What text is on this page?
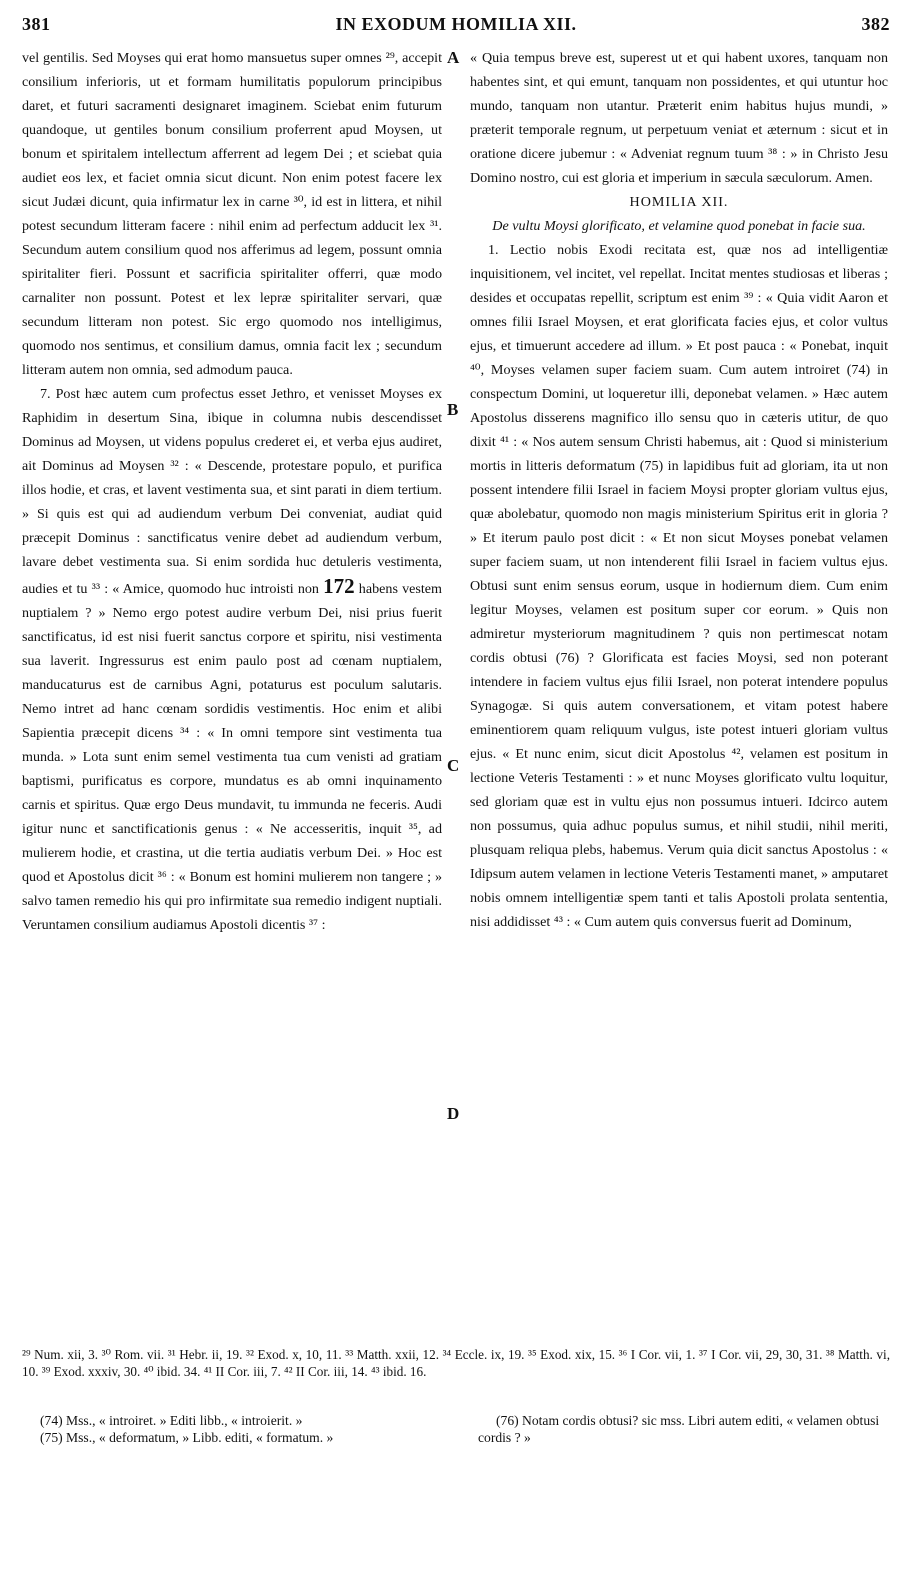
381	IN EXODUM HOMILIA XII.	382

vel gentilis. Sed Moyses qui erat homo mansuetus super omnes ²⁹, accepit consilium inferioris, ut et formam humilitatis populorum principibus daret, et futuri sacramenti designaret imaginem. Sciebat enim futurum quandoque, ut gentiles bonum consilium proferrent apud Moysen, ut bonum et spiritalem intellectum afferrent ad legem Dei ; et sciebat quia audiet eos lex, et faciet omnia sicut dicunt. Non enim potest facere lex sicut Judæi dicunt, quia infirmatur lex in carne ³⁰, id est in littera, et nihil potest secundum litteram facere : nihil enim ad perfectum adducit lex ³¹. Secundum autem consilium quod nos afferimus ad legem, possunt omnia spiritaliter fieri. Possunt et sacrificia spiritaliter offerri, quæ modo carnaliter non possunt. Potest et lex lepræ spiritaliter servari, quæ secundum litteram non potest. Sic ergo quomodo nos intelligimus, quomodo nos sentimus, et consilium damus, omnia facit lex ; secundum litteram autem non omnia, sed admodum pauca.

7. Post hæc autem cum profectus esset Jethro, et venisset Moyses ex Raphidim in desertum Sina, ibique in columna nubis descendisset Dominus ad Moysen, ut videns populus crederet ei, et verba ejus audiret, ait Dominus ad Moysen ³² : « Descende, protestare populo, et purifica illos hodie, et cras, et lavent vestimenta sua, et sint parati in diem tertium. » Si quis est qui ad audiendum verbum Dei conveniat, audiat quid præcepit Dominus : sanctificatus venire debet ad audiendum verbum, lavare debet vestimenta sua. Si enim sordida huc detuleris vestimenta, audies et tu ³³ : « Amice, quomodo huc introisti non 172 habens vestem nuptialem ? » Nemo ergo potest audire verbum Dei, nisi prius fuerit sanctificatus, id est nisi fuerit sanctus corpore et spiritu, nisi vestimenta sua laverit. Ingressurus est enim paulo post ad cœnam nuptialem, manducaturus est de carnibus Agni, potaturus est poculum salutaris. Nemo intret ad hanc cœnam sordidis vestimentis. Hoc enim et alibi Sapientia præcepit dicens ³⁴ : « In omni tempore sint vestimenta tua munda. » Lota sunt enim semel vestimenta tua cum venisti ad gratiam baptismi, purificatus es corpore, mundatus es ab omni inquinamento carnis et spiritus. Quæ ergo Deus mundavit, tu immunda ne feceris. Audi igitur nunc et sanctificationis genus : « Ne accesseritis, inquit ³⁵, ad mulierem hodie, et crastina, ut die tertia audiatis verbum Dei. » Hoc est quod et Apostolus dicit ³⁶ : « Bonum est homini mulierem non tangere ; » salvo tamen remedio his qui pro infirmitate sua remedio indigent nuptiali. Veruntamen consilium audiamus Apostoli dicentis ³⁷ :

A
B
C
D

« Quia tempus breve est, superest ut et qui habent uxores, tanquam non habentes sint, et qui emunt, tanquam non possidentes, et qui utuntur hoc mundo, tanquam non utantur. Præterit enim habitus hujus mundi, » præterit temporale regnum, ut perpetuum veniat et æternum : sicut et in oratione dicere jubemur : « Adveniat regnum tuum ³⁸ : » in Christo Jesu Domino nostro, cui est gloria et imperium in sæcula sæculorum. Amen.

HOMILIA XII.

De vultu Moysi glorificato, et velamine quod ponebat in facie sua.

1. Lectio nobis Exodi recitata est, quæ nos ad intelligentiæ inquisitionem, vel incitet, vel repellat. Incitat mentes studiosas et liberas ; desides et occupatas repellit, scriptum est enim ³⁹ : « Quia vidit Aaron et omnes filii Israel Moysen, et erat glorificata facies ejus, et color vultus ejus, et timuerunt accedere ad illum. » Et post pauca : « Ponebat, inquit ⁴⁰, Moyses velamen super faciem suam. Cum autem introiret (74) in conspectum Domini, ut loqueretur illi, deponebat velamen. » Hæc autem Apostolus disserens magnifico illo sensu quo in cæteris utitur, de quo dixit ⁴¹ : « Nos autem sensum Christi habemus, ait : Quod si ministerium mortis in litteris deformatum (75) in lapidibus fuit ad gloriam, ita ut non possent intendere filii Israel in faciem Moysi propter gloriam vultus ejus, quæ abolebatur, quomodo non magis ministerium Spiritus erit in gloria ? » Et iterum paulo post dicit : « Et non sicut Moyses ponebat velamen super faciem suam, ut non intenderent filii Israel in faciem vultus ejus. Obtusi sunt enim sensus eorum, usque in hodiernum diem. Cum enim legitur Moyses, velamen est positum super cor eorum. » Quis non admiretur mysteriorum magnitudinem ? quis non pertimescat notam cordis obtusi (76) ? Glorificata est facies Moysi, sed non poterant intendere in faciem vultus ejus filii Israel, non poterat intendere populus Synagogæ. Si quis autem conversationem, et vitam potest habere eminentiorem quam reliquum vulgus, iste potest intueri gloriam vultus ejus. « Et nunc enim, sicut dicit Apostolus ⁴², velamen est positum in lectione Veteris Testamenti : » et nunc Moyses glorificato vultu loquitur, sed gloriam quæ est in vultu ejus non possumus intueri. Idcirco autem non possumus, quia adhuc populus sumus, et nihil studii, nihil meriti, plusquam reliqua plebs, habemus. Verum quia dicit sanctus Apostolus : « Idipsum autem velamen in lectione Veteris Testamenti manet, » amputaret nobis omnem intelligentiæ spem tanti et talis Apostoli prolata sententia, nisi addidisset ⁴³ : « Cum autem quis conversus fuerit ad Dominum,

²⁹ Num. xii, 3. ³⁰ Rom. vii. ³¹ Hebr. ii, 19. ³² Exod. x, 10, 11. ³³ Matth. xxii, 12. ³⁴ Eccle. ix, 19. ³⁵ Exod. xix, 15. ³⁶ I Cor. vii, 1. ³⁷ I Cor. vii, 29, 30, 31. ³⁸ Matth. vi, 10. ³⁹ Exod. xxxiv, 30. ⁴⁰ ibid. 34. ⁴¹ II Cor. iii, 7. ⁴² II Cor. iii, 14. ⁴³ ibid. 16.

(74) Mss., « introiret. » Editi libb., « introierit. »

(75) Mss., « deformatum, » Libb. editi, « formatum. »

(76) Notam cordis obtusi? sic mss. Libri autem editi, « velamen obtusi cordis ? »
